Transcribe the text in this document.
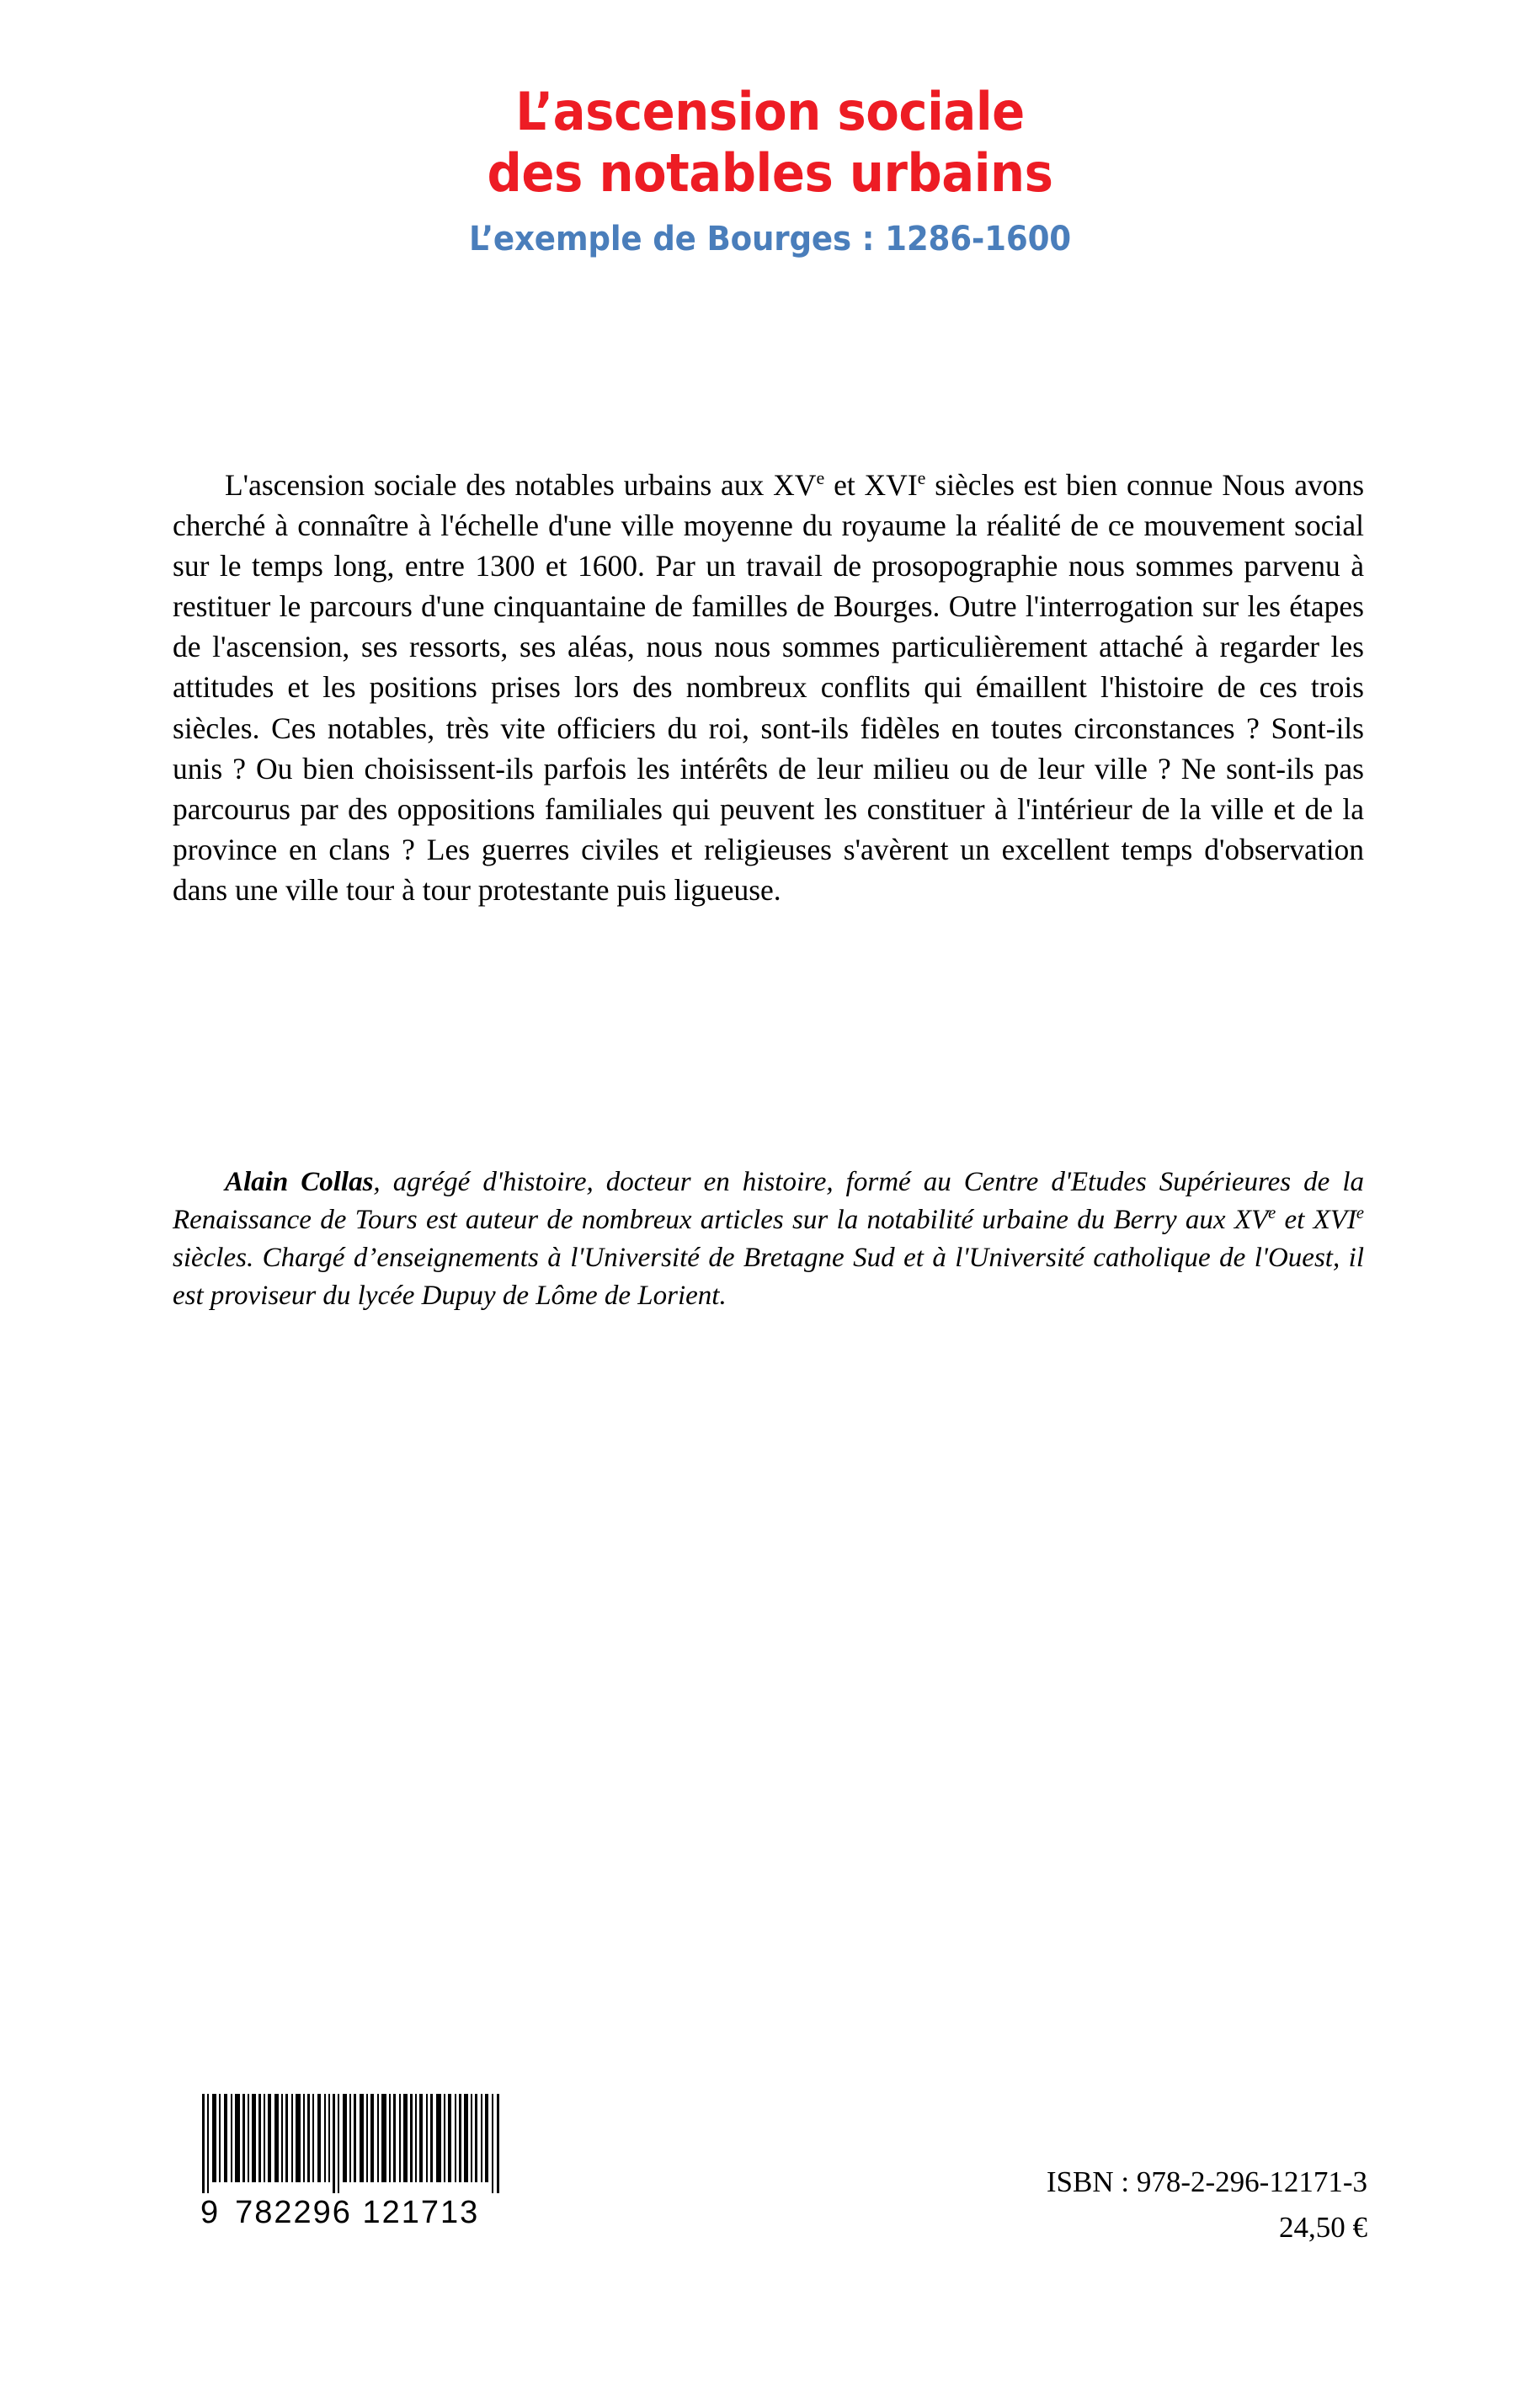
L’ascension sociale
des notables urbains
L’exemple de Bourges : 1286-1600

L'ascension sociale des notables urbains aux XVe et XVIe siècles est bien connue Nous avons cherché à connaître à l'échelle d'une ville moyenne du royaume la réalité de ce mouvement social sur le temps long, entre 1300 et 1600. Par un travail de prosopographie nous sommes parvenu à restituer le parcours d'une cinquantaine de familles de Bourges. Outre l'interrogation sur les étapes de l'ascension, ses ressorts, ses aléas, nous nous sommes particulièrement attaché à regarder les attitudes et les positions prises lors des nombreux conflits qui émaillent l'histoire de ces trois siècles. Ces notables, très vite officiers du roi, sont-ils fidèles en toutes circonstances ? Sont-ils unis ? Ou bien choisissent-ils parfois les intérêts de leur milieu ou de leur ville ? Ne sont-ils pas parcourus par des oppositions familiales qui peuvent les constituer à l'intérieur de la ville et de la province en clans ? Les guerres civiles et religieuses s'avèrent un excellent temps d'observation dans une ville tour à tour protestante puis ligueuse.

Alain Collas, agrégé d'histoire, docteur en histoire, formé au Centre d'Etudes Supérieures de la Renaissance de Tours est auteur de nombreux articles sur la notabilité urbaine du Berry aux XVe et XVIe siècles. Chargé d’enseignements à l'Université de Bretagne Sud et à l'Université catholique de l'Ouest, il est proviseur du lycée Dupuy de Lôme de Lorient.

9 782296 121713
ISBN : 978-2-296-12171-3
24,50 €
